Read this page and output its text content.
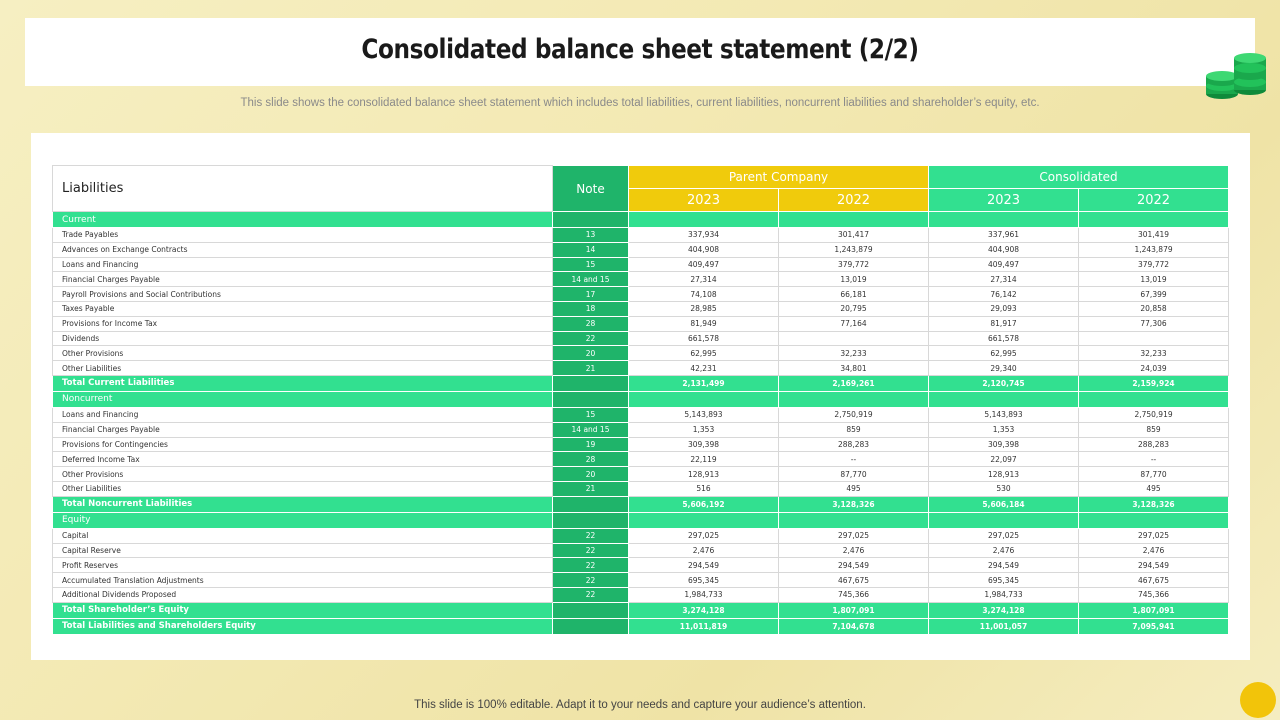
Consolidated balance sheet statement (2/2)
This slide shows the consolidated balance sheet statement which includes total liabilities, current liabilities, noncurrent liabilities and shareholder’s equity, etc.
Liabilities	Note	Parent Company		Consolidated	
		2023	2022	2023	2022
Current					
Trade Payables	13	337,934	301,417	337,961	301,419
Advances on Exchange Contracts	14	404,908	1,243,879	404,908	1,243,879
Loans and Financing	15	409,497	379,772	409,497	379,772
Financial Charges Payable	14 and 15	27,314	13,019	27,314	13,019
Payroll Provisions and Social Contributions	17	74,108	66,181	76,142	67,399
Taxes Payable	18	28,985	20,795	29,093	20,858
Provisions for Income Tax	28	81,949	77,164	81,917	77,306
Dividends	22	661,578		661,578	
Other Provisions	20	62,995	32,233	62,995	32,233
Other Liabilities	21	42,231	34,801	29,340	24,039
Total Current Liabilities		2,131,499	2,169,261	2,120,745	2,159,924
Noncurrent					
Loans and Financing	15	5,143,893	2,750,919	5,143,893	2,750,919
Financial Charges Payable	14 and 15	1,353	859	1,353	859
Provisions for Contingencies	19	309,398	288,283	309,398	288,283
Deferred Income Tax	28	22,119	--	22,097	--
Other Provisions	20	128,913	87,770	128,913	87,770
Other Liabilities	21	516	495	530	495
Total Noncurrent Liabilities		5,606,192	3,128,326	5,606,184	3,128,326
Equity					
Capital	22	297,025	297,025	297,025	297,025
Capital Reserve	22	2,476	2,476	2,476	2,476
Profit Reserves	22	294,549	294,549	294,549	294,549
Accumulated Translation Adjustments	22	695,345	467,675	695,345	467,675
Additional Dividends Proposed	22	1,984,733	745,366	1,984,733	745,366
Total Shareholder’s Equity		3,274,128	1,807,091	3,274,128	1,807,091
Total Liabilities and Shareholders Equity		11,011,819	7,104,678	11,001,057	7,095,941
This slide is 100% editable. Adapt it to your needs and capture your audience’s attention.
